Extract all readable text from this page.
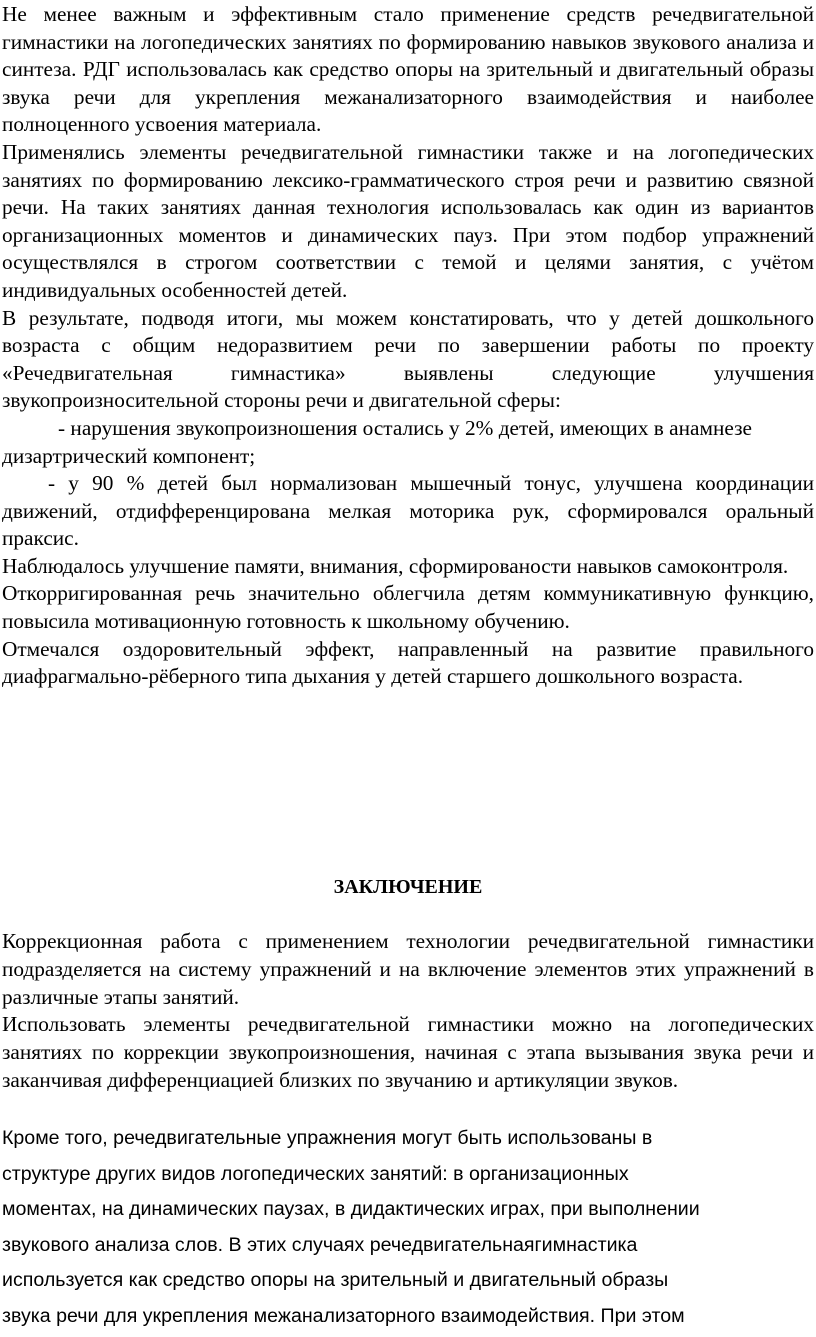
Не менее важным и эффективным стало применение средств речедвигательной гимнастики на логопедических занятиях по формированию навыков звукового анализа и синтеза. РДГ использовалась как средство опоры на зрительный и двигательный образы звука речи для укрепления межанализаторного взаимодействия и наиболее полноценного усвоения материала.

Применялись элементы речедвигательной гимнастики также и на логопедических занятиях по формированию лексико-грамматического строя речи и развитию связной речи. На таких занятиях данная технология использовалась как один из вариантов организационных моментов и динамических пауз. При этом подбор упражнений осуществлялся в строгом соответствии с темой и целями занятия, с учётом индивидуальных особенностей детей.

В результате, подводя итоги, мы можем констатировать, что у детей дошкольного возраста с общим недоразвитием речи по завершении работы по проекту «Речедвигательная гимнастика» выявлены следующие улучшения звукопроизносительной стороны речи и двигательной сферы:

- нарушения звукопроизношения остались у 2% детей, имеющих в анамнезе дизартрический компонент;

- у 90 % детей был нормализован мышечный тонус, улучшена координации движений, отдифференцирована мелкая моторика рук, сформировался оральный праксис.

Наблюдалось улучшение памяти, внимания, сформированости навыков самоконтроля.

Откорригированная речь значительно облегчила детям коммуникативную функцию, повысила мотивационную готовность к школьному обучению.

Отмечался оздоровительный эффект, направленный на развитие правильного диафрагмально-рёберного типа дыхания у детей старшего дошкольного возраста.

ЗАКЛЮЧЕНИЕ

Коррекционная работа с применением технологии речедвигательной гимнастики подразделяется на систему упражнений и на включение элементов этих упражнений в различные этапы занятий.

Использовать элементы речедвигательной гимнастики можно на логопедических занятиях по коррекции звукопроизношения, начиная с этапа вызывания звука речи и заканчивая дифференциацией близких по звучанию и артикуляции звуков.

Кроме того, речедвигательные упражнения могут быть использованы в

структуре других видов логопедических занятий: в организационных

моментах, на динамических паузах, в дидактических играх, при выполнении

звукового анализа слов. В этих случаях речедвигательнаягимнастика

используется как средство опоры на зрительный и двигательный образы

звука речи для укрепления межанализаторного взаимодействия. При этом
